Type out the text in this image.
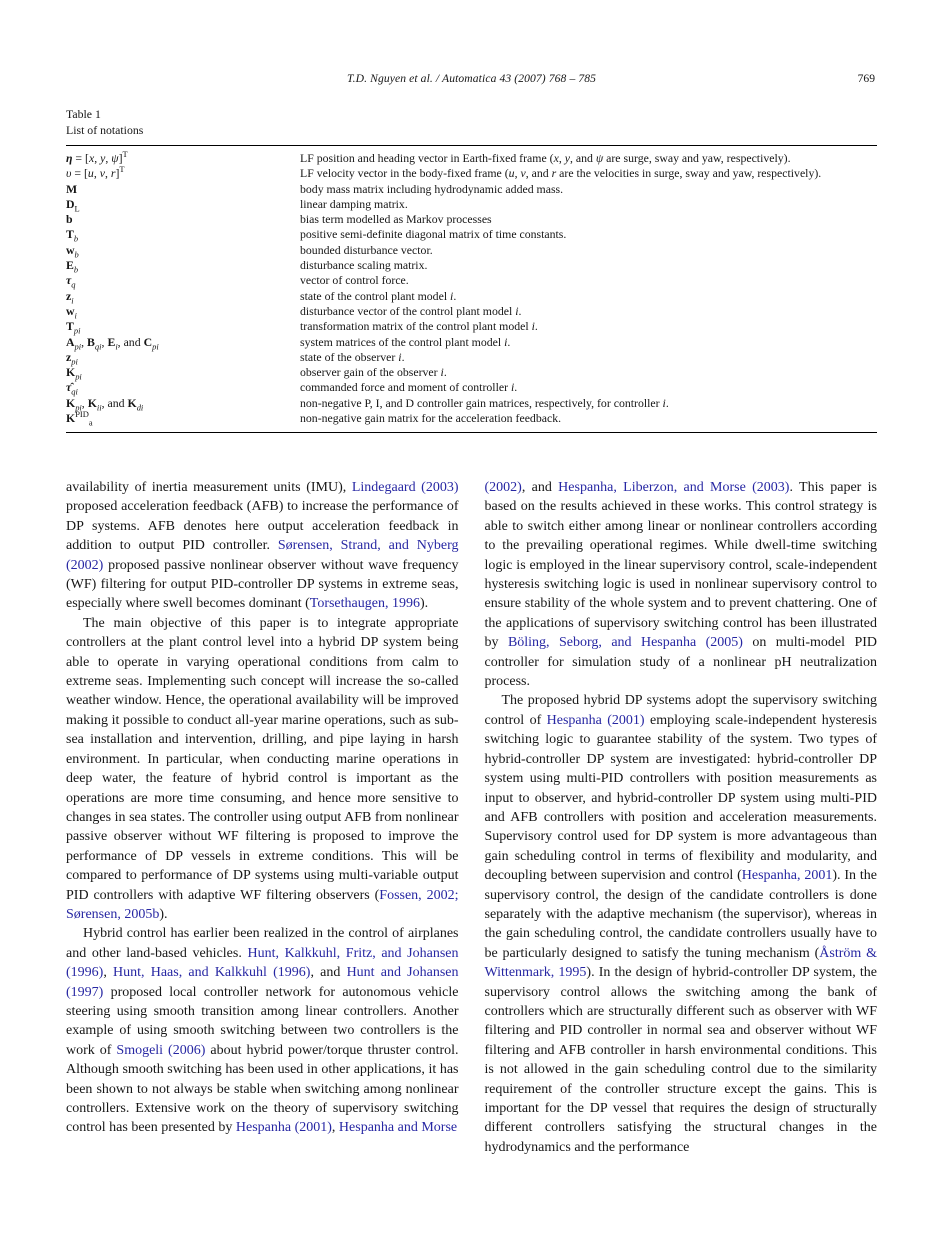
T.D. Nguyen et al. / Automatica 43 (2007) 768 – 785	769
Table 1
List of notations
η = [x, y, ψ]$^T$	LF position and heading vector in Earth-fixed frame (x, y, and ψ are surge, sway and yaw, respectively).
υ = [u, v, r]$^T$	LF velocity vector in the body-fixed frame (u, v, and r are the velocities in surge, sway and yaw, respectively).
M	body mass matrix including hydrodynamic added mass.
$D_L$	linear damping matrix.
b	bias term modelled as Markov processes
$T_b$	positive semi-definite diagonal matrix of time constants.
$w_b$	bounded disturbance vector.
$E_b$	disturbance scaling matrix.
$\tau_q$	vector of control force.
$z_i$	state of the control plant model i.
$w_i$	disturbance vector of the control plant model i.
$T_{pi}$	transformation matrix of the control plant model i.
$A_{pi}$, $B_{qi}$, $E_i$, and $C_{pi}$	system matrices of the control plant model i.
$z_{pi}$	state of the observer i.
$K_{pi}$	observer gain of the observer i.
$\taû_{qi}$	commanded force and moment of controller i.
$K_{pi}$, $K_{ii}$, and $K_{di}$	non-negative P, I, and D controller gain matrices, respectively, for controller i.
$K^{PID}_a$	non-negative gain matrix for the acceleration feedback.

availability of inertia measurement units (IMU), Lindegaard (2003) proposed acceleration feedback (AFB) to increase the performance of DP systems. AFB denotes here output acceleration feedback in addition to output PID controller. Sørensen, Strand, and Nyberg (2002) proposed passive nonlinear observer without wave frequency (WF) filtering for output PID-controller DP systems in extreme seas, especially where swell becomes dominant (Torsethaugen, 1996).

The main objective of this paper is to integrate appropriate controllers at the plant control level into a hybrid DP system being able to operate in varying operational conditions from calm to extreme seas. Implementing such concept will increase the so-called weather window. Hence, the operational availability will be improved making it possible to conduct all-year marine operations, such as sub-sea installation and intervention, drilling, and pipe laying in harsh environment. In particular, when conducting marine operations in deep water, the feature of hybrid control is important as the operations are more time consuming, and hence more sensitive to changes in sea states. The controller using output AFB from nonlinear passive observer without WF filtering is proposed to improve the performance of DP vessels in extreme conditions. This will be compared to performance of DP systems using multi-variable output PID controllers with adaptive WF filtering observers (Fossen, 2002; Sørensen, 2005b).

Hybrid control has earlier been realized in the control of airplanes and other land-based vehicles. Hunt, Kalkkuhl, Fritz, and Johansen (1996), Hunt, Haas, and Kalkkuhl (1996), and Hunt and Johansen (1997) proposed local controller network for autonomous vehicle steering using smooth transition among linear controllers. Another example of using smooth switching between two controllers is the work of Smogeli (2006) about hybrid power/torque thruster control. Although smooth switching has been used in other applications, it has been shown to not always be stable when switching among nonlinear controllers. Extensive work on the theory of supervisory switching control has been presented by Hespanha (2001), Hespanha and Morse

(2002), and Hespanha, Liberzon, and Morse (2003). This paper is based on the results achieved in these works. This control strategy is able to switch either among linear or nonlinear controllers according to the prevailing operational regimes. While dwell-time switching logic is employed in the linear supervisory control, scale-independent hysteresis switching logic is used in nonlinear supervisory control to ensure stability of the whole system and to prevent chattering. One of the applications of supervisory switching control has been illustrated by Böling, Seborg, and Hespanha (2005) on multi-model PID controller for simulation study of a nonlinear pH neutralization process.

The proposed hybrid DP systems adopt the supervisory switching control of Hespanha (2001) employing scale-independent hysteresis switching logic to guarantee stability of the system. Two types of hybrid-controller DP system are investigated: hybrid-controller DP system using multi-PID controllers with position measurements as input to observer, and hybrid-controller DP system using multi-PID and AFB controllers with position and acceleration measurements. Supervisory control used for DP system is more advantageous than gain scheduling control in terms of flexibility and modularity, and decoupling between supervision and control (Hespanha, 2001). In the supervisory control, the design of the candidate controllers is done separately with the adaptive mechanism (the supervisor), whereas in the gain scheduling control, the candidate controllers usually have to be particularly designed to satisfy the tuning mechanism (Åström & Wittenmark, 1995). In the design of hybrid-controller DP system, the supervisory control allows the switching among the bank of controllers which are structurally different such as observer with WF filtering and PID controller in normal sea and observer without WF filtering and AFB controller in harsh environmental conditions. This is not allowed in the gain scheduling control due to the similarity requirement of the controller structure except the gains. This is important for the DP vessel that requires the design of structurally different controllers satisfying the structural changes in the hydrodynamics and the performance
